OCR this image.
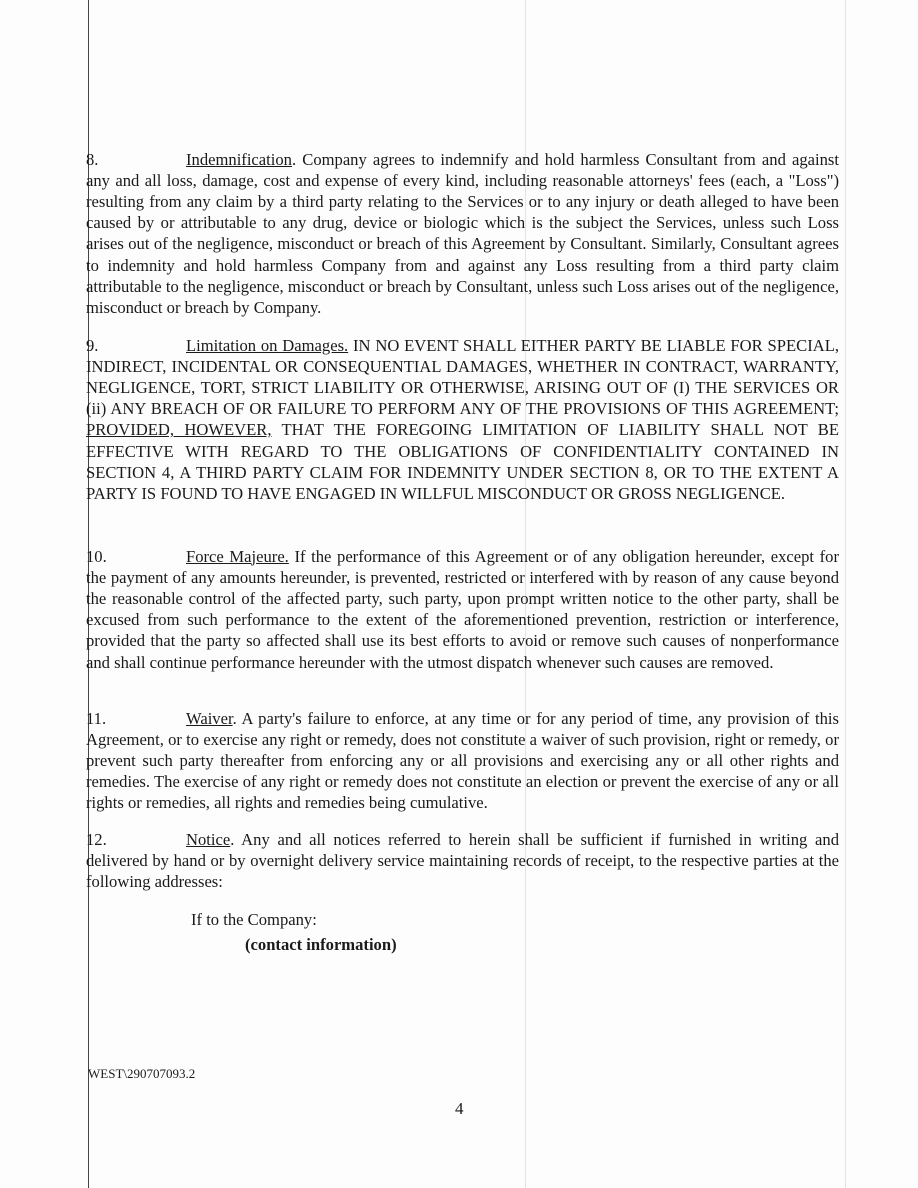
8.	Indemnification. Company agrees to indemnify and hold harmless Consultant from and against any and all loss, damage, cost and expense of every kind, including reasonable attorneys' fees (each, a "Loss") resulting from any claim by a third party relating to the Services or to any injury or death alleged to have been caused by or attributable to any drug, device or biologic which is the subject the Services, unless such Loss arises out of the negligence, misconduct or breach of this Agreement by Consultant. Similarly, Consultant agrees to indemnity and hold harmless Company from and against any Loss resulting from a third party claim attributable to the negligence, misconduct or breach by Consultant, unless such Loss arises out of the negligence, misconduct or breach by Company.

9.	Limitation on Damages. IN NO EVENT SHALL EITHER PARTY BE LIABLE FOR SPECIAL, INDIRECT, INCIDENTAL OR CONSEQUENTIAL DAMAGES, WHETHER IN CONTRACT, WARRANTY, NEGLIGENCE, TORT, STRICT LIABILITY OR OTHERWISE, ARISING OUT OF (I) THE SERVICES OR (ii) ANY BREACH OF OR FAILURE TO PERFORM ANY OF THE PROVISIONS OF THIS AGREEMENT; PROVIDED, HOWEVER, THAT THE FOREGOING LIMITATION OF LIABILITY SHALL NOT BE EFFECTIVE WITH REGARD TO THE OBLIGATIONS OF CONFIDENTIALITY CONTAINED IN SECTION 4, A THIRD PARTY CLAIM FOR INDEMNITY UNDER SECTION 8, OR TO THE EXTENT A PARTY IS FOUND TO HAVE ENGAGED IN WILLFUL MISCONDUCT OR GROSS NEGLIGENCE.

10.	Force Majeure. If the performance of this Agreement or of any obligation hereunder, except for the payment of any amounts hereunder, is prevented, restricted or interfered with by reason of any cause beyond the reasonable control of the affected party, such party, upon prompt written notice to the other party, shall be excused from such performance to the extent of the aforementioned prevention, restriction or interference, provided that the party so affected shall use its best efforts to avoid or remove such causes of nonperformance and shall continue performance hereunder with the utmost dispatch whenever such causes are removed.

11.	Waiver. A party's failure to enforce, at any time or for any period of time, any provision of this Agreement, or to exercise any right or remedy, does not constitute a waiver of such provision, right or remedy, or prevent such party thereafter from enforcing any or all provisions and exercising any or all other rights and remedies. The exercise of any right or remedy does not constitute an election or prevent the exercise of any or all rights or remedies, all rights and remedies being cumulative.

12.	Notice. Any and all notices referred to herein shall be sufficient if furnished in writing and delivered by hand or by overnight delivery service maintaining records of receipt, to the respective parties at the following addresses:

If to the Company:
(contact information)
WEST\290707093.2
4
